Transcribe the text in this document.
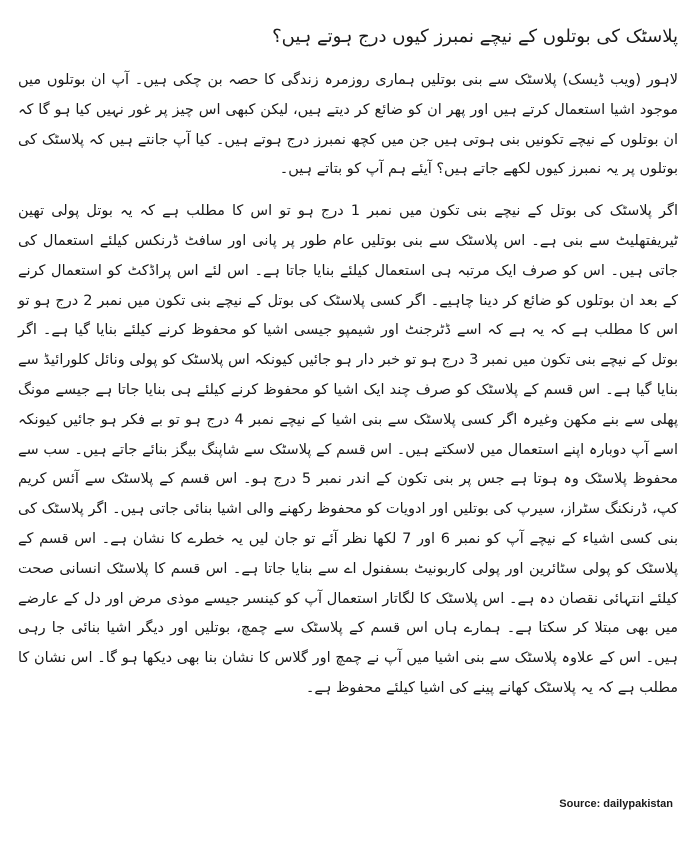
پلاسٹک کی بوتلوں کے نیچے نمبرز کیوں درج ہوتے ہیں؟

لاہور (ویب ڈیسک) پلاسٹک سے بنی بوتلیں ہماری روزمرہ زندگی کا حصہ بن چکی ہیں۔ آپ ان بوتلوں میں موجود اشیا استعمال کرتے ہیں اور پھر ان کو ضائع کر دیتے ہیں، لیکن کبھی اس چیز پر غور نہیں کیا ہو گا کہ ان بوتلوں کے نیچے تکونیں بنی ہوتی ہیں جن میں کچھ نمبرز درج ہوتے ہیں۔ کیا آپ جانتے ہیں کہ پلاسٹک کی بوتلوں پر یہ نمبرز کیوں لکھے جاتے ہیں؟ آیئے ہم آپ کو بتاتے ہیں۔

اگر پلاسٹک کی بوتل کے نیچے بنی تکون میں نمبر 1 درج ہو تو اس کا مطلب ہے کہ یہ بوتل پولی تھین ٹیریفتھلیٹ سے بنی ہے۔ اس پلاسٹک سے بنی بوتلیں عام طور پر پانی اور سافٹ ڈرنکس کیلئے استعمال کی جاتی ہیں۔ اس کو صرف ایک مرتبہ ہی استعمال کیلئے بنایا جاتا ہے۔ اس لئے اس پراڈکٹ کو استعمال کرنے کے بعد ان بوتلوں کو ضائع کر دینا چاہیے۔ اگر کسی پلاسٹک کی بوتل کے نیچے بنی تکون میں نمبر 2 درج ہو تو اس کا مطلب ہے کہ یہ ہے کہ اسے ڈٹرجنٹ اور شیمپو جیسی اشیا کو محفوظ کرنے کیلئے بنایا گیا ہے۔ اگر بوتل کے نیچے بنی تکون میں نمبر 3 درج ہو تو خبر دار ہو جائیں کیونکہ اس پلاسٹک کو پولی ونائل کلورائیڈ سے بنایا گیا ہے۔ اس قسم کے پلاسٹک کو صرف چند ایک اشیا کو محفوظ کرنے کیلئے ہی بنایا جاتا ہے جیسے مونگ پھلی سے بنے مکھن وغیرہ اگر کسی پلاسٹک سے بنی اشیا کے نیچے نمبر 4 درج ہو تو بے فکر ہو جائیں کیونکہ اسے آپ دوبارہ اپنے استعمال میں لاسکتے ہیں۔ اس قسم کے پلاسٹک سے شاپنگ بیگز بنائے جاتے ہیں۔ سب سے محفوظ پلاسٹک وہ ہوتا ہے جس پر بنی تکون کے اندر نمبر 5 درج ہو۔ اس قسم کے پلاسٹک سے آئس کریم کپ، ڈرنکنگ سٹراز، سیرپ کی بوتلیں اور ادویات کو محفوظ رکھنے والی اشیا بنائی جاتی ہیں۔ اگر پلاسٹک کی بنی کسی اشیاء کے نیچے آپ کو نمبر 6 اور 7 لکھا نظر آئے تو جان لیں یہ خطرے کا نشان ہے۔ اس قسم کے پلاسٹک کو پولی سٹائرین اور پولی کاربونیٹ بسفنول اے سے بنایا جاتا ہے۔ اس قسم کا پلاسٹک انسانی صحت کیلئے انتہائی نقصان دہ ہے۔ اس پلاسٹک کا لگاتار استعمال آپ کو کینسر جیسے موذی مرض اور دل کے عارضے میں بھی مبتلا کر سکتا ہے۔ ہمارے ہاں اس قسم کے پلاسٹک سے چمچ، بوتلیں اور دیگر اشیا بنائی جا رہی ہیں۔ اس کے علاوہ پلاسٹک سے بنی اشیا میں آپ نے چمچ اور گلاس کا نشان بنا بھی دیکھا ہو گا۔ اس نشان کا مطلب ہے کہ یہ پلاسٹک کھانے پینے کی اشیا کیلئے محفوظ ہے۔

Source: dailypakistan
